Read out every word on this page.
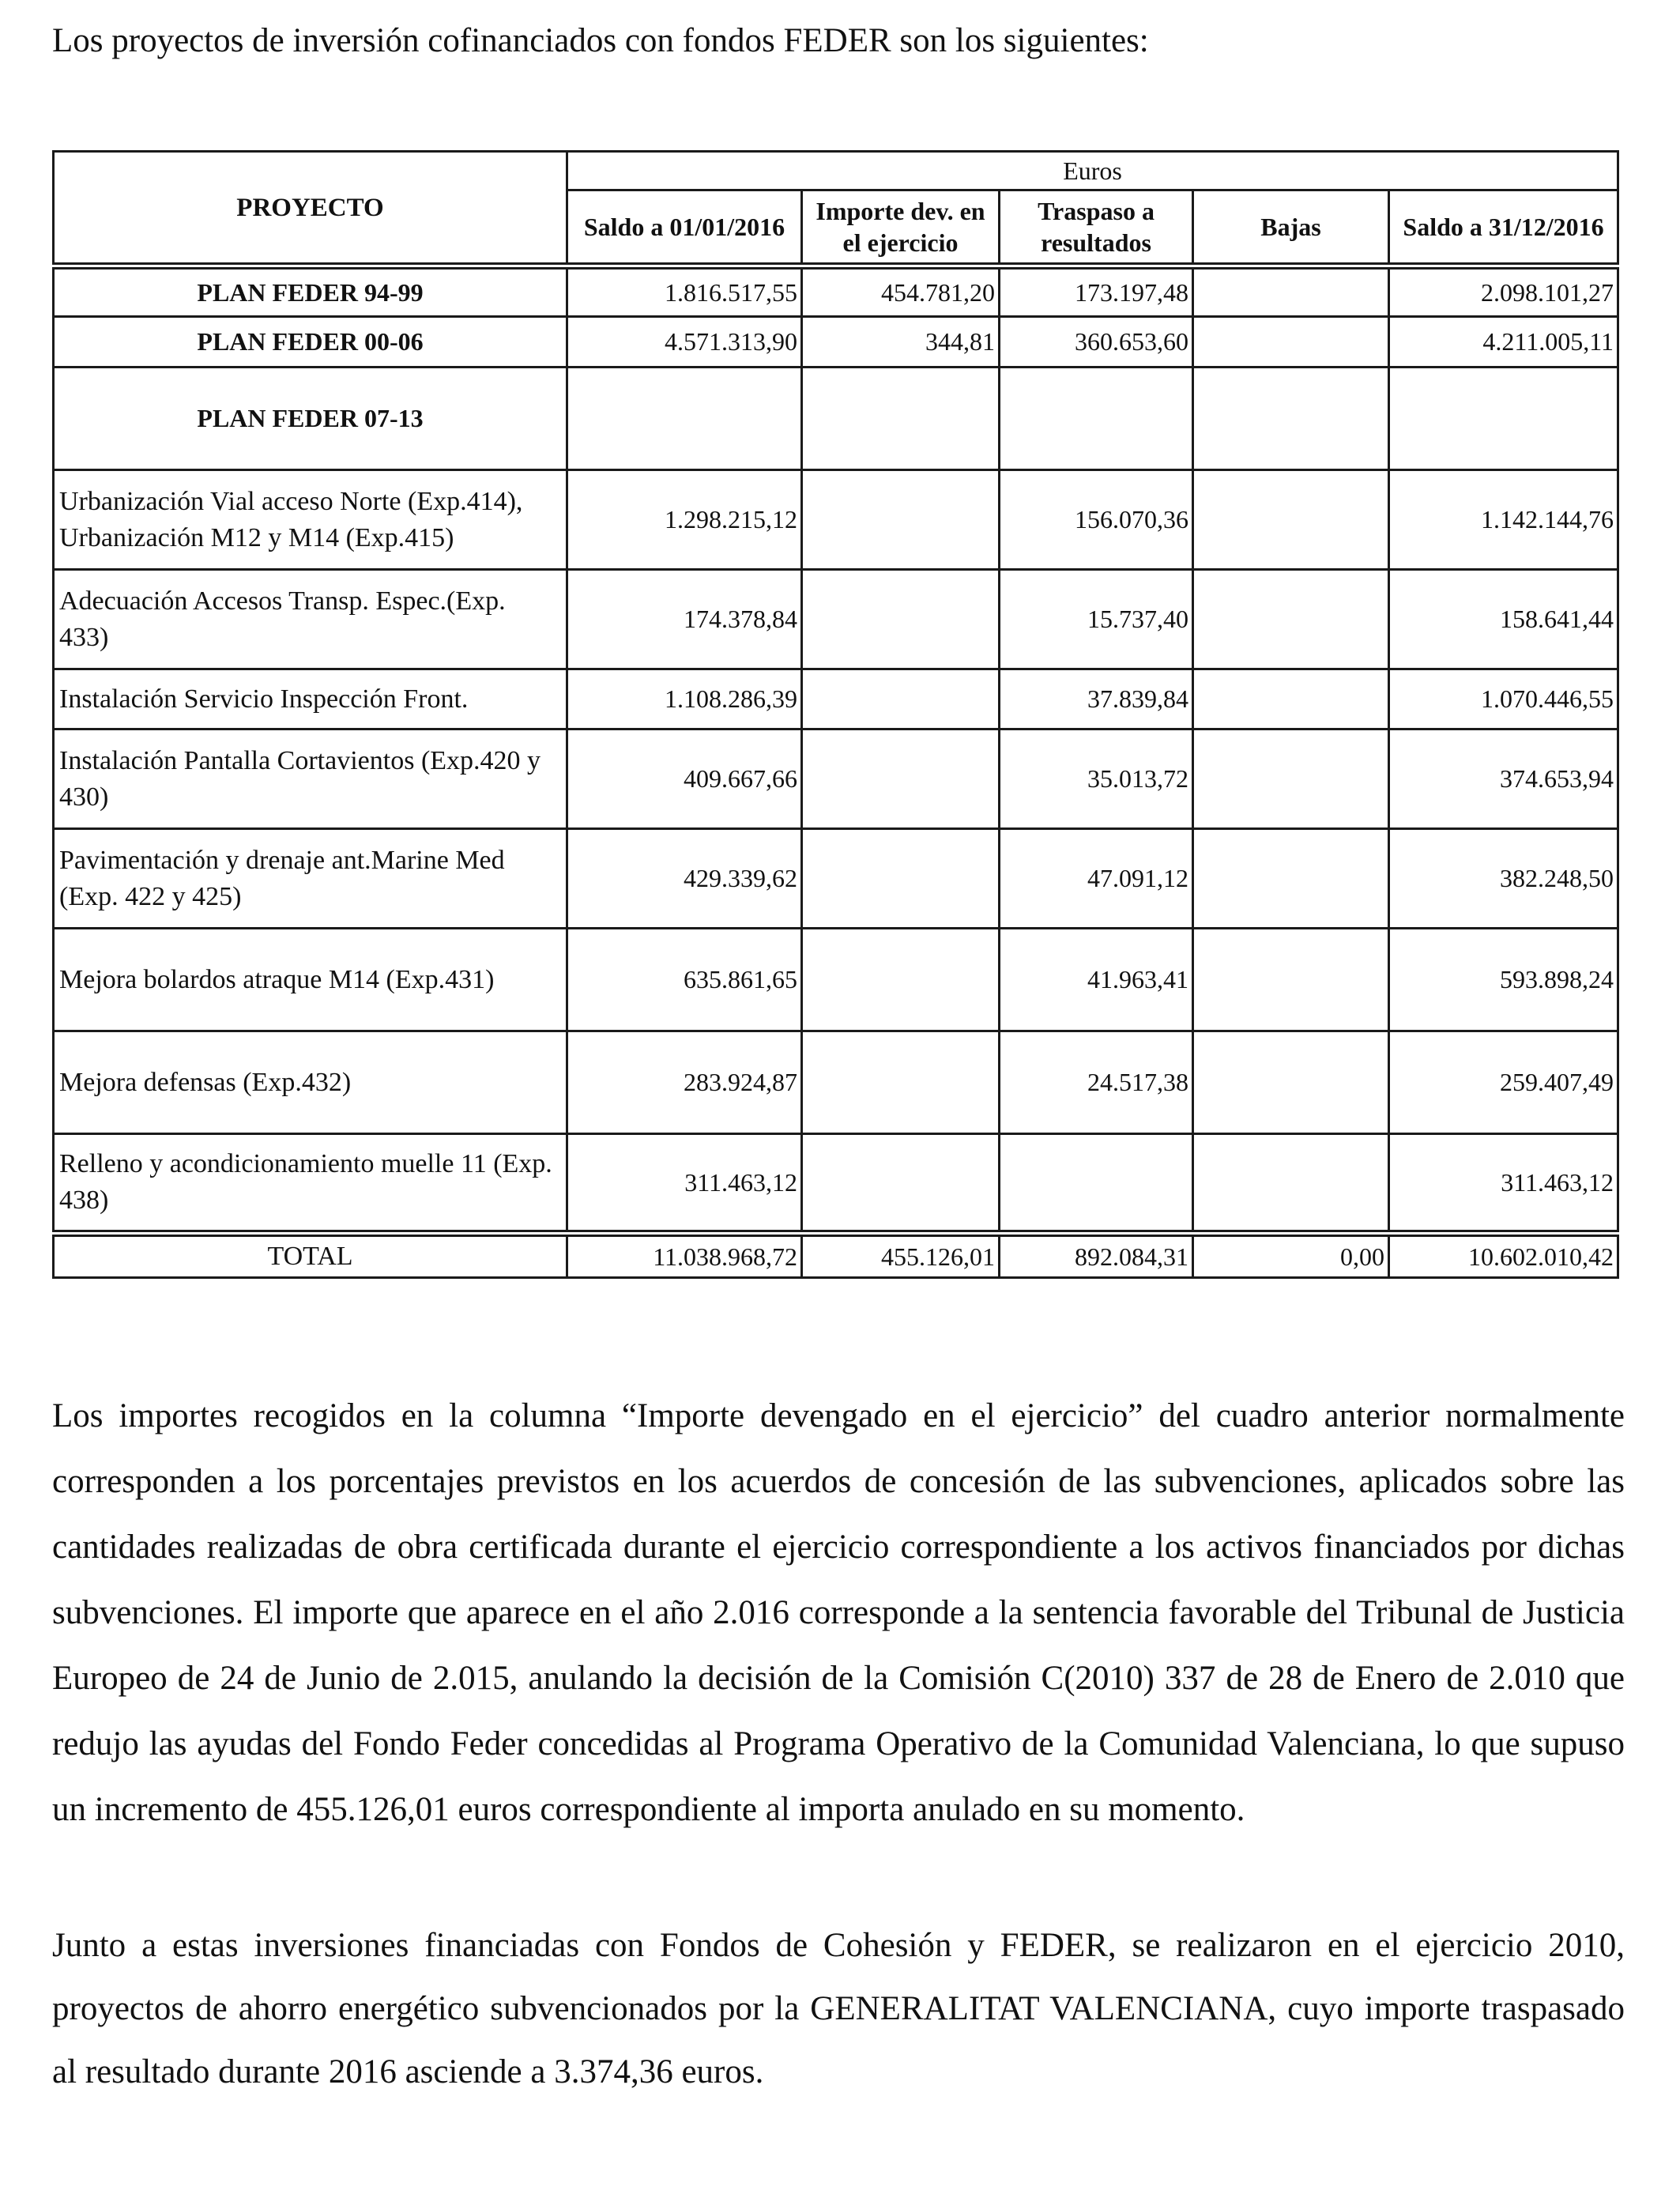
Los proyectos de inversión cofinanciados con fondos FEDER son los siguientes:

PROYECTO	Euros				
	Saldo a 01/01/2016	Importe dev. en el ejercicio	Traspaso a resultados	Bajas	Saldo a 31/12/2016
PLAN FEDER 94-99	1.816.517,55	454.781,20	173.197,48		2.098.101,27
PLAN FEDER 00-06	4.571.313,90	344,81	360.653,60		4.211.005,11
PLAN FEDER 07-13					
Urbanización Vial acceso Norte (Exp.414), Urbanización M12 y M14 (Exp.415)	1.298.215,12		156.070,36		1.142.144,76
Adecuación Accesos Transp. Espec.(Exp. 433)	174.378,84		15.737,40		158.641,44
Instalación Servicio Inspección Front.	1.108.286,39		37.839,84		1.070.446,55
Instalación Pantalla Cortavientos (Exp.420 y 430)	409.667,66		35.013,72		374.653,94
Pavimentación y drenaje ant.Marine Med (Exp. 422 y 425)	429.339,62		47.091,12		382.248,50
Mejora bolardos atraque M14 (Exp.431)	635.861,65		41.963,41		593.898,24
Mejora defensas (Exp.432)	283.924,87		24.517,38		259.407,49
Relleno y acondicionamiento muelle 11 (Exp. 438)	311.463,12				311.463,12
TOTAL	11.038.968,72	455.126,01	892.084,31	0,00	10.602.010,42

Los importes recogidos en la columna “Importe devengado en el ejercicio” del cuadro anterior normalmente corresponden a los porcentajes previstos en los acuerdos de concesión de las subvenciones, aplicados sobre las cantidades realizadas de obra certificada durante el ejercicio correspondiente a los activos financiados por dichas subvenciones. El importe que aparece en el año 2.016 corresponde a la sentencia favorable del Tribunal de Justicia Europeo de 24 de Junio de 2.015, anulando la decisión de la Comisión C(2010) 337 de 28 de Enero de 2.010 que redujo las ayudas del Fondo Feder concedidas al Programa Operativo de la Comunidad Valenciana, lo que supuso un incremento de 455.126,01 euros correspondiente al importa anulado en su momento.

Junto a estas inversiones financiadas con Fondos de Cohesión y FEDER, se realizaron en el ejercicio 2010, proyectos de ahorro energético subvencionados por la GENERALITAT VALENCIANA, cuyo importe traspasado al resultado durante 2016 asciende a 3.374,36 euros.
